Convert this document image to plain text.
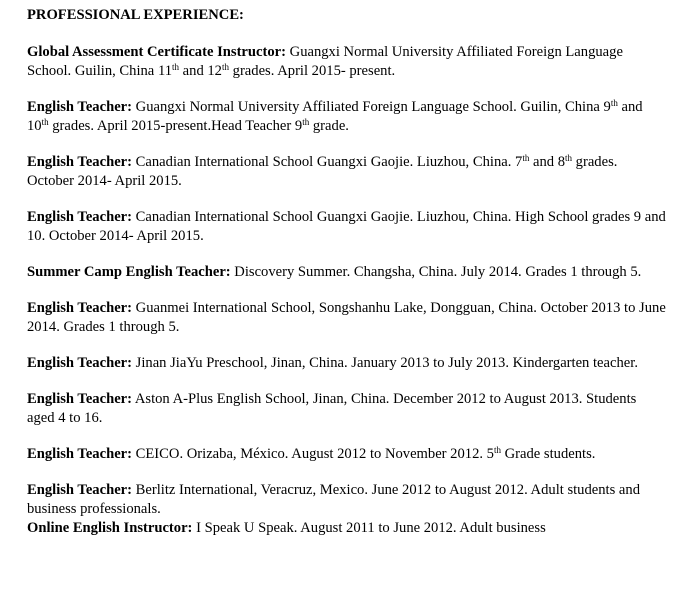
PROFESSIONAL EXPERIENCE:

Global Assessment Certificate Instructor: Guangxi Normal University Affiliated Foreign Language School. Guilin, China 11th and 12th grades. April 2015- present.

English Teacher: Guangxi Normal University Affiliated Foreign Language School. Guilin, China 9th and 10th grades. April 2015-present.Head Teacher 9th grade.

English Teacher: Canadian International School Guangxi Gaojie. Liuzhou, China. 7th and 8th grades. October 2014- April 2015.

English Teacher: Canadian International School Guangxi Gaojie. Liuzhou, China. High School grades 9 and 10. October 2014- April 2015.

Summer Camp English Teacher: Discovery Summer. Changsha, China. July 2014. Grades 1 through 5.

English Teacher: Guanmei International School, Songshanhu Lake, Dongguan, China. October 2013 to June 2014. Grades 1 through 5.

English Teacher: Jinan JiaYu Preschool, Jinan, China. January 2013 to July 2013. Kindergarten teacher.

English Teacher: Aston A-Plus English School, Jinan, China. December 2012 to August 2013. Students aged 4 to 16.

English Teacher: CEICO. Orizaba, México. August 2012 to November 2012. 5th Grade students.

English Teacher: Berlitz International, Veracruz, Mexico. June 2012 to August 2012. Adult students and business professionals.

Online English Instructor: I Speak U Speak. August 2011 to June 2012. Adult business
